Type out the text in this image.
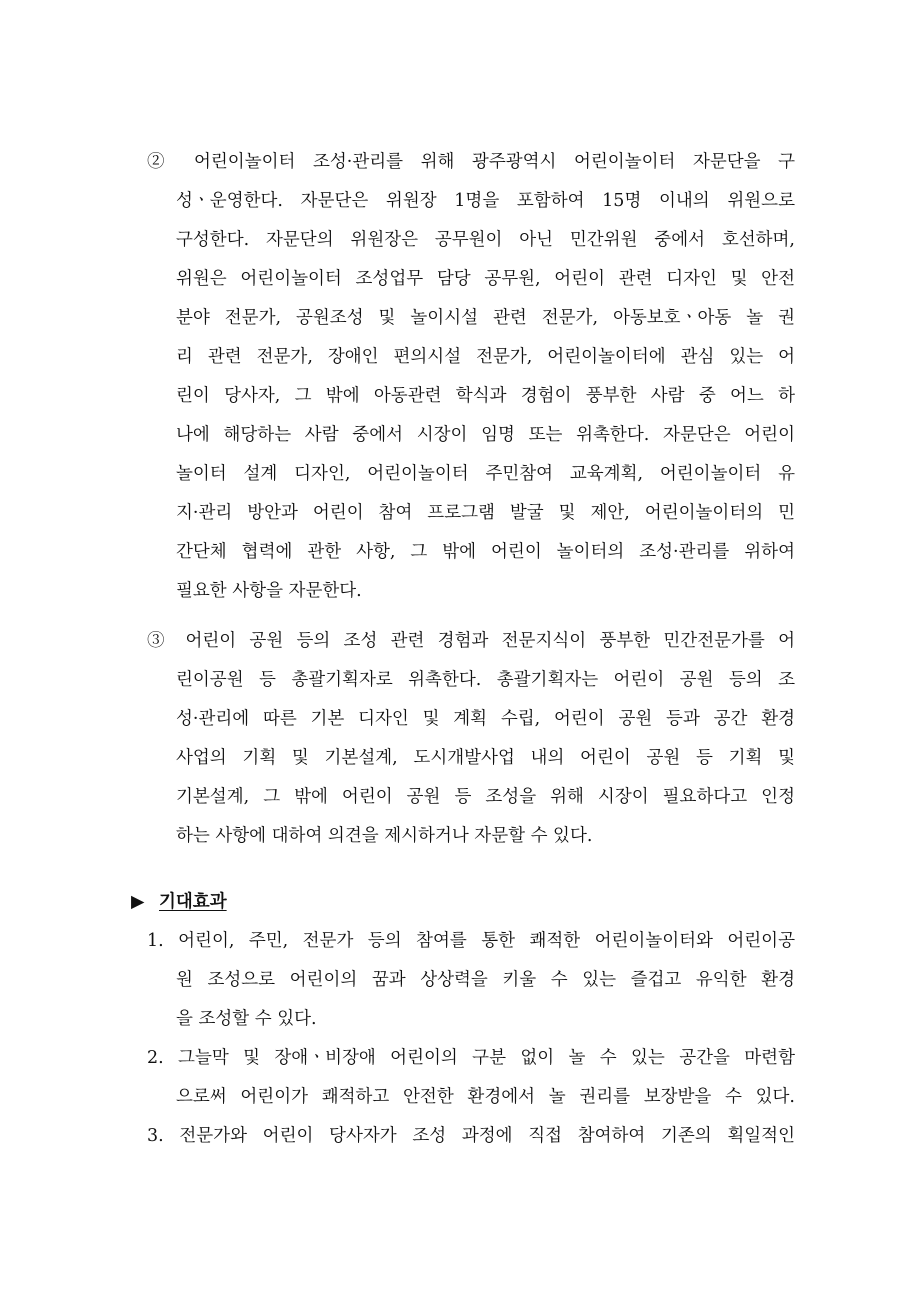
② 어린이놀이터 조성·관리를 위해 광주광역시 어린이놀이터 자문단을 구
성ㆍ운영한다. 자문단은 위원장 1명을 포함하여 15명 이내의 위원으로
구성한다. 자문단의 위원장은 공무원이 아닌 민간위원 중에서 호선하며,
위원은 어린이놀이터 조성업무 담당 공무원, 어린이 관련 디자인 및 안전
분야 전문가, 공원조성 및 놀이시설 관련 전문가, 아동보호ㆍ아동 놀 권
리 관련 전문가, 장애인 편의시설 전문가, 어린이놀이터에 관심 있는 어
린이 당사자, 그 밖에 아동관련 학식과 경험이 풍부한 사람 중 어느 하
나에 해당하는 사람 중에서 시장이 임명 또는 위촉한다. 자문단은 어린이
놀이터 설계 디자인, 어린이놀이터 주민참여 교육계획, 어린이놀이터 유
지·관리 방안과 어린이 참여 프로그램 발굴 및 제안, 어린이놀이터의 민
간단체 협력에 관한 사항, 그 밖에 어린이 놀이터의 조성·관리를 위하여
필요한 사항을 자문한다.
③ 어린이 공원 등의 조성 관련 경험과 전문지식이 풍부한 민간전문가를 어
린이공원 등 총괄기획자로 위촉한다. 총괄기획자는 어린이 공원 등의 조
성·관리에 따른 기본 디자인 및 계획 수립, 어린이 공원 등과 공간 환경
사업의 기획 및 기본설계, 도시개발사업 내의 어린이 공원 등 기획 및
기본설계, 그 밖에 어린이 공원 등 조성을 위해 시장이 필요하다고 인정
하는 사항에 대하여 의견을 제시하거나 자문할 수 있다.
▶ 기대효과
1. 어린이, 주민, 전문가 등의 참여를 통한 쾌적한 어린이놀이터와 어린이공
원 조성으로 어린이의 꿈과 상상력을 키울 수 있는 즐겁고 유익한 환경
을 조성할 수 있다.
2. 그늘막 및 장애ㆍ비장애 어린이의 구분 없이 놀 수 있는 공간을 마련함
으로써 어린이가 쾌적하고 안전한 환경에서 놀 권리를 보장받을 수 있다.
3. 전문가와 어린이 당사자가 조성 과정에 직접 참여하여 기존의 획일적인
